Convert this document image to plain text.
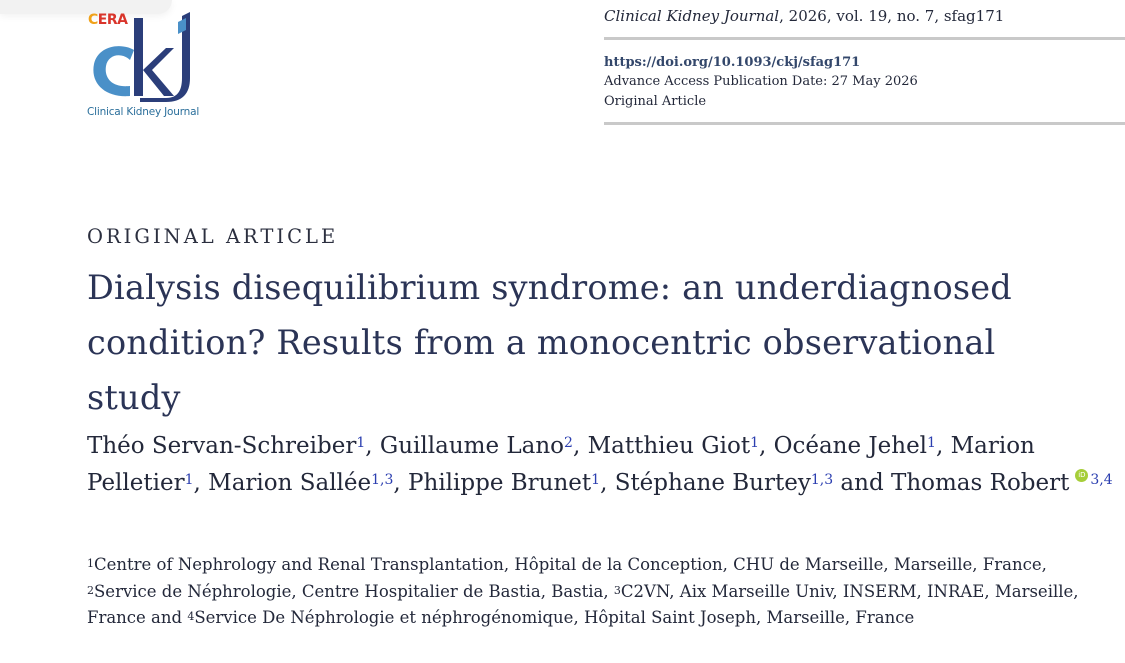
CERA
Clinical Kidney Journal
Clinical Kidney Journal, 2026, vol. 19, no. 7, sfag171
https://doi.org/10.1093/ckj/sfag171
Advance Access Publication Date: 27 May 2026
Original Article
ORIGINAL ARTICLE
Dialysis disequilibrium syndrome: an underdiagnosed condition? Results from a monocentric observational study
Théo Servan-Schreiber$^1$, Guillaume Lano$^2$, Matthieu Giot$^1$, Océane Jehel$^1$, Marion Pelletier$^1$, Marion Sallée$^{1,3}$, Philippe Brunet$^1$, Stéphane Burtey$^{1,3}$ and Thomas Robert iD $^{3,4}$
$^1$Centre of Nephrology and Renal Transplantation, Hôpital de la Conception, CHU de Marseille, Marseille, France, $^2$Service de Néphrologie, Centre Hospitalier de Bastia, Bastia, $^3$C2VN, Aix Marseille Univ, INSERM, INRAE, Marseille, France and $^4$Service De Néphrologie et néphrogénomique, Hôpital Saint Joseph, Marseille, France
